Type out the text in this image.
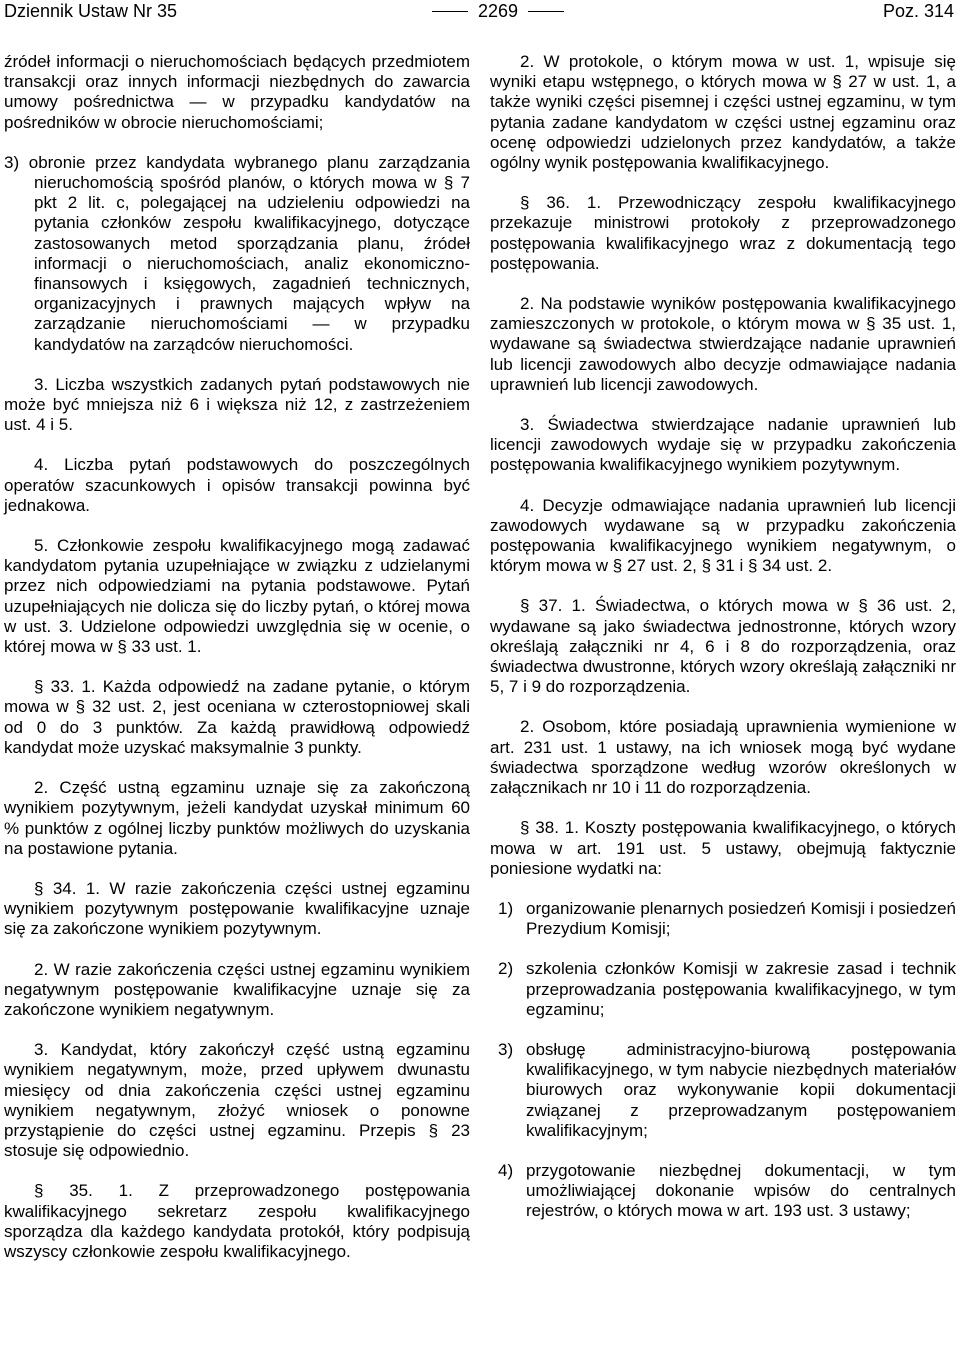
Dziennik Ustaw Nr 35	2269	Poz. 314

źródeł informacji o nieruchomościach będących przedmiotem transakcji oraz innych informacji niezbędnych do zawarcia umowy pośrednictwa — w przypadku kandydatów na pośredników w obrocie nieruchomościami;

3) obronie przez kandydata wybranego planu zarządzania nieruchomością spośród planów, o których mowa w § 7 pkt 2 lit. c, polegającej na udzieleniu odpowiedzi na pytania członków zespołu kwalifikacyjnego, dotyczące zastosowanych metod sporządzania planu, źródeł informacji o nieruchomościach, analiz ekonomiczno-finansowych i księgowych, zagadnień technicznych, organizacyjnych i prawnych mających wpływ na zarządzanie nieruchomościami — w przypadku kandydatów na zarządców nieruchomości.

3. Liczba wszystkich zadanych pytań podstawowych nie może być mniejsza niż 6 i większa niż 12, z zastrzeżeniem ust. 4 i 5.

4. Liczba pytań podstawowych do poszczególnych operatów szacunkowych i opisów transakcji powinna być jednakowa.

5. Członkowie zespołu kwalifikacyjnego mogą zadawać kandydatom pytania uzupełniające w związku z udzielanymi przez nich odpowiedziami na pytania podstawowe. Pytań uzupełniających nie dolicza się do liczby pytań, o której mowa w ust. 3. Udzielone odpowiedzi uwzględnia się w ocenie, o której mowa w § 33 ust. 1.

§ 33. 1. Każda odpowiedź na zadane pytanie, o którym mowa w § 32 ust. 2, jest oceniana w czterostopniowej skali od 0 do 3 punktów. Za każdą prawidłową odpowiedź kandydat może uzyskać maksymalnie 3 punkty.

2. Część ustną egzaminu uznaje się za zakończoną wynikiem pozytywnym, jeżeli kandydat uzyskał minimum 60 % punktów z ogólnej liczby punktów możliwych do uzyskania na postawione pytania.

§ 34. 1. W razie zakończenia części ustnej egzaminu wynikiem pozytywnym postępowanie kwalifikacyjne uznaje się za zakończone wynikiem pozytywnym.

2. W razie zakończenia części ustnej egzaminu wynikiem negatywnym postępowanie kwalifikacyjne uznaje się za zakończone wynikiem negatywnym.

3. Kandydat, który zakończył część ustną egzaminu wynikiem negatywnym, może, przed upływem dwunastu miesięcy od dnia zakończenia części ustnej egzaminu wynikiem negatywnym, złożyć wniosek o ponowne przystąpienie do części ustnej egzaminu. Przepis § 23 stosuje się odpowiednio.

§ 35. 1. Z przeprowadzonego postępowania kwalifikacyjnego sekretarz zespołu kwalifikacyjnego sporządza dla każdego kandydata protokół, który podpisują wszyscy członkowie zespołu kwalifikacyjnego.

2. W protokole, o którym mowa w ust. 1, wpisuje się wyniki etapu wstępnego, o których mowa w § 27 w ust. 1, a także wyniki części pisemnej i części ustnej egzaminu, w tym pytania zadane kandydatom w części ustnej egzaminu oraz ocenę odpowiedzi udzielonych przez kandydatów, a także ogólny wynik postępowania kwalifikacyjnego.

§ 36. 1. Przewodniczący zespołu kwalifikacyjnego przekazuje ministrowi protokoły z przeprowadzonego postępowania kwalifikacyjnego wraz z dokumentacją tego postępowania.

2. Na podstawie wyników postępowania kwalifikacyjnego zamieszczonych w protokole, o którym mowa w § 35 ust. 1, wydawane są świadectwa stwierdzające nadanie uprawnień lub licencji zawodowych albo decyzje odmawiające nadania uprawnień lub licencji zawodowych.

3. Świadectwa stwierdzające nadanie uprawnień lub licencji zawodowych wydaje się w przypadku zakończenia postępowania kwalifikacyjnego wynikiem pozytywnym.

4. Decyzje odmawiające nadania uprawnień lub licencji zawodowych wydawane są w przypadku zakończenia postępowania kwalifikacyjnego wynikiem negatywnym, o którym mowa w § 27 ust. 2, § 31 i § 34 ust. 2.

§ 37. 1. Świadectwa, o których mowa w § 36 ust. 2, wydawane są jako świadectwa jednostronne, których wzory określają załączniki nr 4, 6 i 8 do rozporządzenia, oraz świadectwa dwustronne, których wzory określają załączniki nr 5, 7 i 9 do rozporządzenia.

2. Osobom, które posiadają uprawnienia wymienione w art. 231 ust. 1 ustawy, na ich wniosek mogą być wydane świadectwa sporządzone według wzorów określonych w załącznikach nr 10 i 11 do rozporządzenia.

§ 38. 1. Koszty postępowania kwalifikacyjnego, o których mowa w art. 191 ust. 5 ustawy, obejmują faktycznie poniesione wydatki na:

1) organizowanie plenarnych posiedzeń Komisji i posiedzeń Prezydium Komisji;
2) szkolenia członków Komisji w zakresie zasad i technik przeprowadzania postępowania kwalifikacyjnego, w tym egzaminu;
3) obsługę administracyjno-biurową postępowania kwalifikacyjnego, w tym nabycie niezbędnych materiałów biurowych oraz wykonywanie kopii dokumentacji związanej z przeprowadzanym postępowaniem kwalifikacyjnym;
4) przygotowanie niezbędnej dokumentacji, w tym umożliwiającej dokonanie wpisów do centralnych rejestrów, o których mowa w art. 193 ust. 3 ustawy;
